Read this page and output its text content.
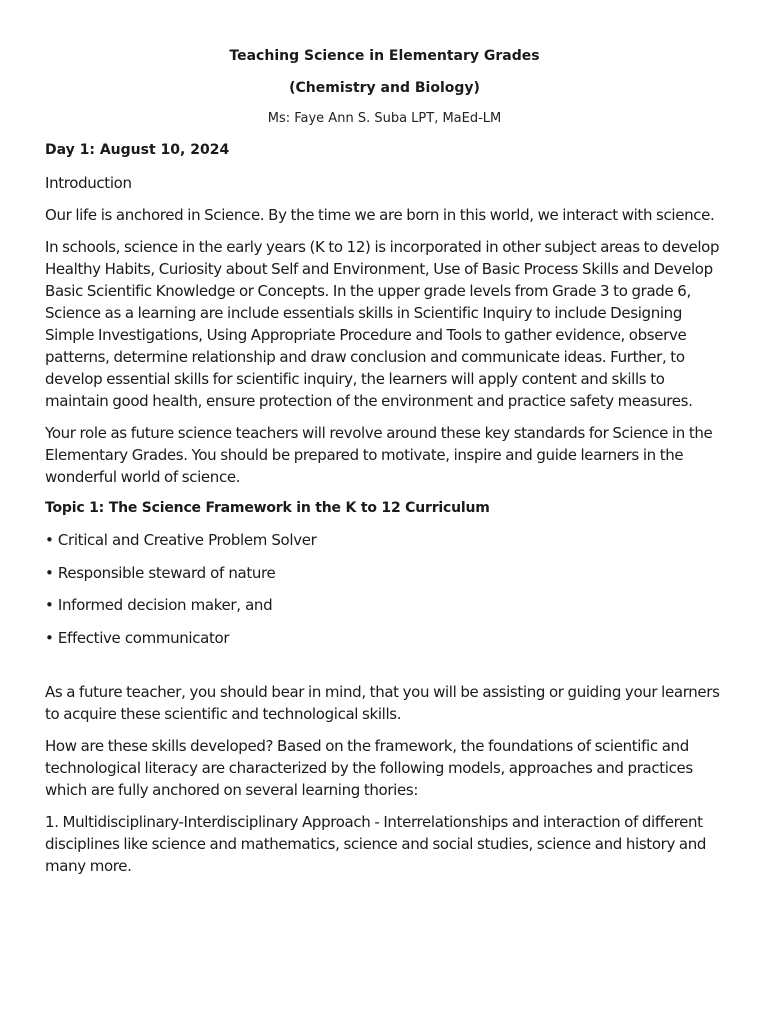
Teaching Science in Elementary Grades

(Chemistry and Biology)

Ms: Faye Ann S. Suba LPT, MaEd-LM

Day 1: August 10, 2024

Introduction

Our life is anchored in Science. By the time we are born in this world, we interact with science.

In schools, science in the early years (K to 12) is incorporated in other subject areas to develop Healthy Habits, Curiosity about Self and Environment, Use of Basic Process Skills and Develop Basic Scientific Knowledge or Concepts. In the upper grade levels from Grade 3 to grade 6, Science as a learning are include essentials skills in Scientific Inquiry to include Designing Simple Investigations, Using Appropriate Procedure and Tools to gather evidence, observe patterns, determine relationship and draw conclusion and communicate ideas. Further, to develop essential skills for scientific inquiry, the learners will apply content and skills to maintain good health, ensure protection of the environment and practice safety measures.

Your role as future science teachers will revolve around these key standards for Science in the Elementary Grades. You should be prepared to motivate, inspire and guide learners in the wonderful world of science.

Topic 1: The Science Framework in the K to 12 Curriculum

• Critical and Creative Problem Solver

• Responsible steward of nature

• Informed decision maker, and

• Effective communicator

As a future teacher, you should bear in mind, that you will be assisting or guiding your learners to acquire these scientific and technological skills.

How are these skills developed? Based on the framework, the foundations of scientific and technological literacy are characterized by the following models, approaches and practices which are fully anchored on several learning thories:

1. Multidisciplinary-Interdisciplinary Approach - Interrelationships and interaction of different disciplines like science and mathematics, science and social studies, science and history and many more.
